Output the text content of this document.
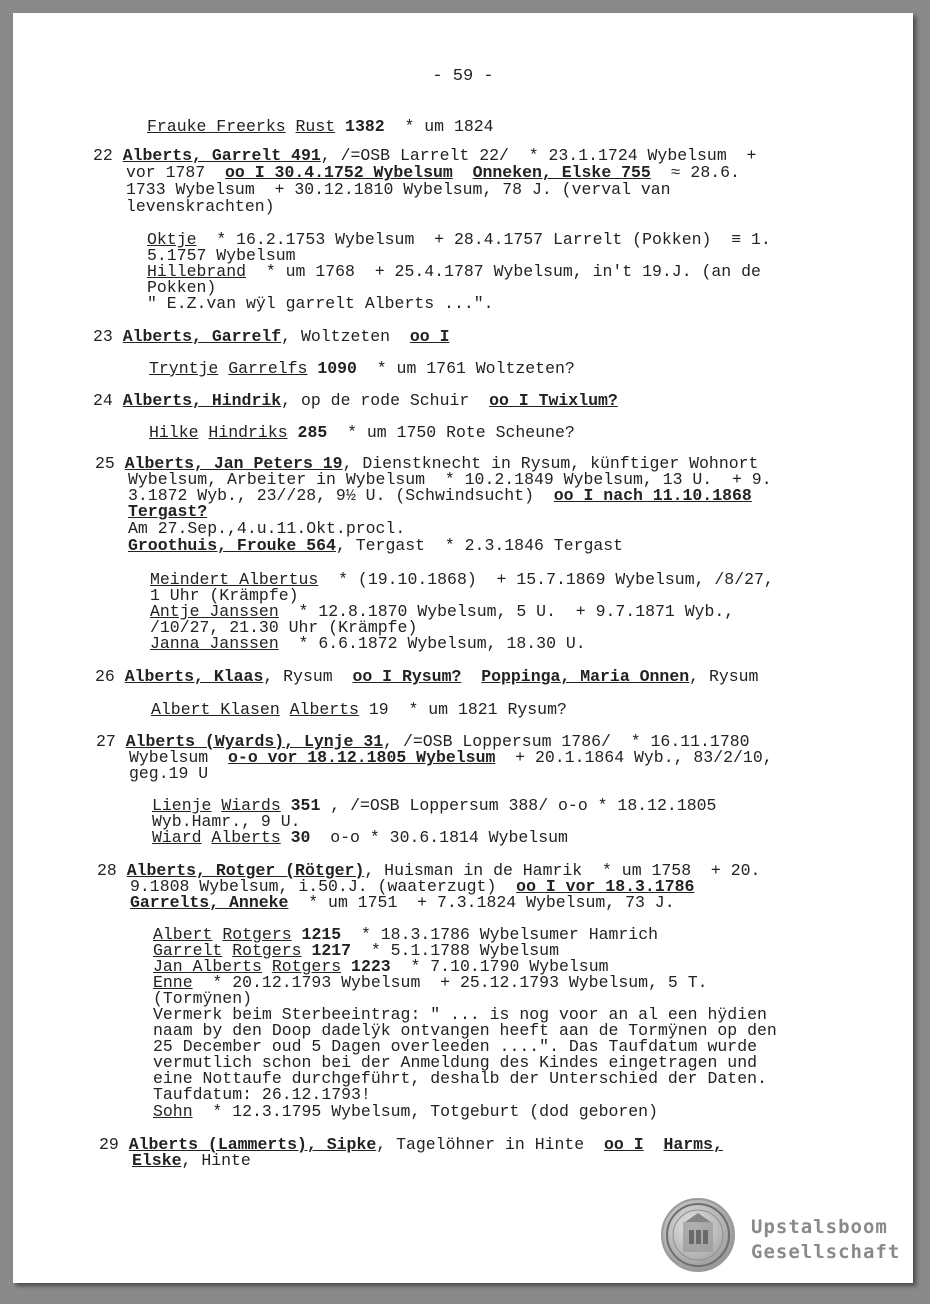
- 59 -
Frauke Freerks Rust 1382  * um 1824
22 Alberts, Garrelt 491, /=OSB Larrelt 22/  * 23.1.1724 Wybelsum  +
vor 1787  oo I 30.4.1752 Wybelsum Onneken, Elske 755  ≈ 28.6.
1733 Wybelsum  + 30.12.1810 Wybelsum, 78 J. (verval van
levenskrachten)
Oktje  * 16.2.1753 Wybelsum  + 28.4.1757 Larrelt (Pokken)  ≡ 1.
5.1757 Wybelsum
Hillebrand  * um 1768  + 25.4.1787 Wybelsum, in't 19.J. (an de
Pokken)
" E.Z.van wÿl garrelt Alberts ...".
23 Alberts, Garrelf, Woltzeten  oo I
Tryntje Garrelfs 1090  * um 1761 Woltzeten?
24 Alberts, Hindrik, op de rode Schuir  oo I Twixlum?
Hilke Hindriks 285  * um 1750 Rote Scheune?
25 Alberts, Jan Peters 19, Dienstknecht in Rysum, künftiger Wohnort
Wybelsum, Arbeiter in Wybelsum  * 10.2.1849 Wybelsum, 13 U.  + 9.
3.1872 Wyb., 23//28, 9½ U. (Schwindsucht)  oo I nach 11.10.1868
Tergast?
Am 27.Sep.,4.u.11.Okt.procl.
Groothuis, Frouke 564, Tergast  * 2.3.1846 Tergast
Meindert Albertus  * (19.10.1868)  + 15.7.1869 Wybelsum, /8/27,
1 Uhr (Krämpfe)
Antje Janssen  * 12.8.1870 Wybelsum, 5 U.  + 9.7.1871 Wyb.,
/10/27, 21.30 Uhr (Krämpfe)
Janna Janssen  * 6.6.1872 Wybelsum, 18.30 U.
26 Alberts, Klaas, Rysum  oo I Rysum? Poppinga, Maria Onnen, Rysum
Albert Klasen Alberts 19  * um 1821 Rysum?
27 Alberts (Wyards), Lynje 31, /=OSB Loppersum 1786/  * 16.11.1780
Wybelsum  o-o vor 18.12.1805 Wybelsum  + 20.1.1864 Wyb., 83/2/10,
geg.19 U
Lienje Wiards 351 , /=OSB Loppersum 388/ o-o * 18.12.1805
Wyb.Hamr., 9 U.
Wiard Alberts 30  o-o * 30.6.1814 Wybelsum
28 Alberts, Rotger (Rötger), Huisman in de Hamrik  * um 1758  + 20.
9.1808 Wybelsum, i.50.J. (waaterzugt)  oo I vor 18.3.1786
Garrelts, Anneke  * um 1751  + 7.3.1824 Wybelsum, 73 J.
Albert Rotgers 1215  * 18.3.1786 Wybelsumer Hamrich
Garrelt Rotgers 1217  * 5.1.1788 Wybelsum
Jan Alberts Rotgers 1223  * 7.10.1790 Wybelsum
Enne  * 20.12.1793 Wybelsum  + 25.12.1793 Wybelsum, 5 T.
(Tormÿnen)
Vermerk beim Sterbeeintrag: " ... is nog voor an al een hÿdien
naam by den Doop dadelÿk ontvangen heeft aan de Tormÿnen op den
25 December oud 5 Dagen overleeden ....". Das Taufdatum wurde
vermutlich schon bei der Anmeldung des Kindes eingetragen und
eine Nottaufe durchgeführt, deshalb der Unterschied der Daten.
Taufdatum: 26.12.1793!
Sohn  * 12.3.1795 Wybelsum, Totgeburt (dod geboren)
29 Alberts (Lammerts), Sipke, Tagelöhner in Hinte  oo I Harms,
Elske, Hinte
Upstalsboom
Gesellschaft
